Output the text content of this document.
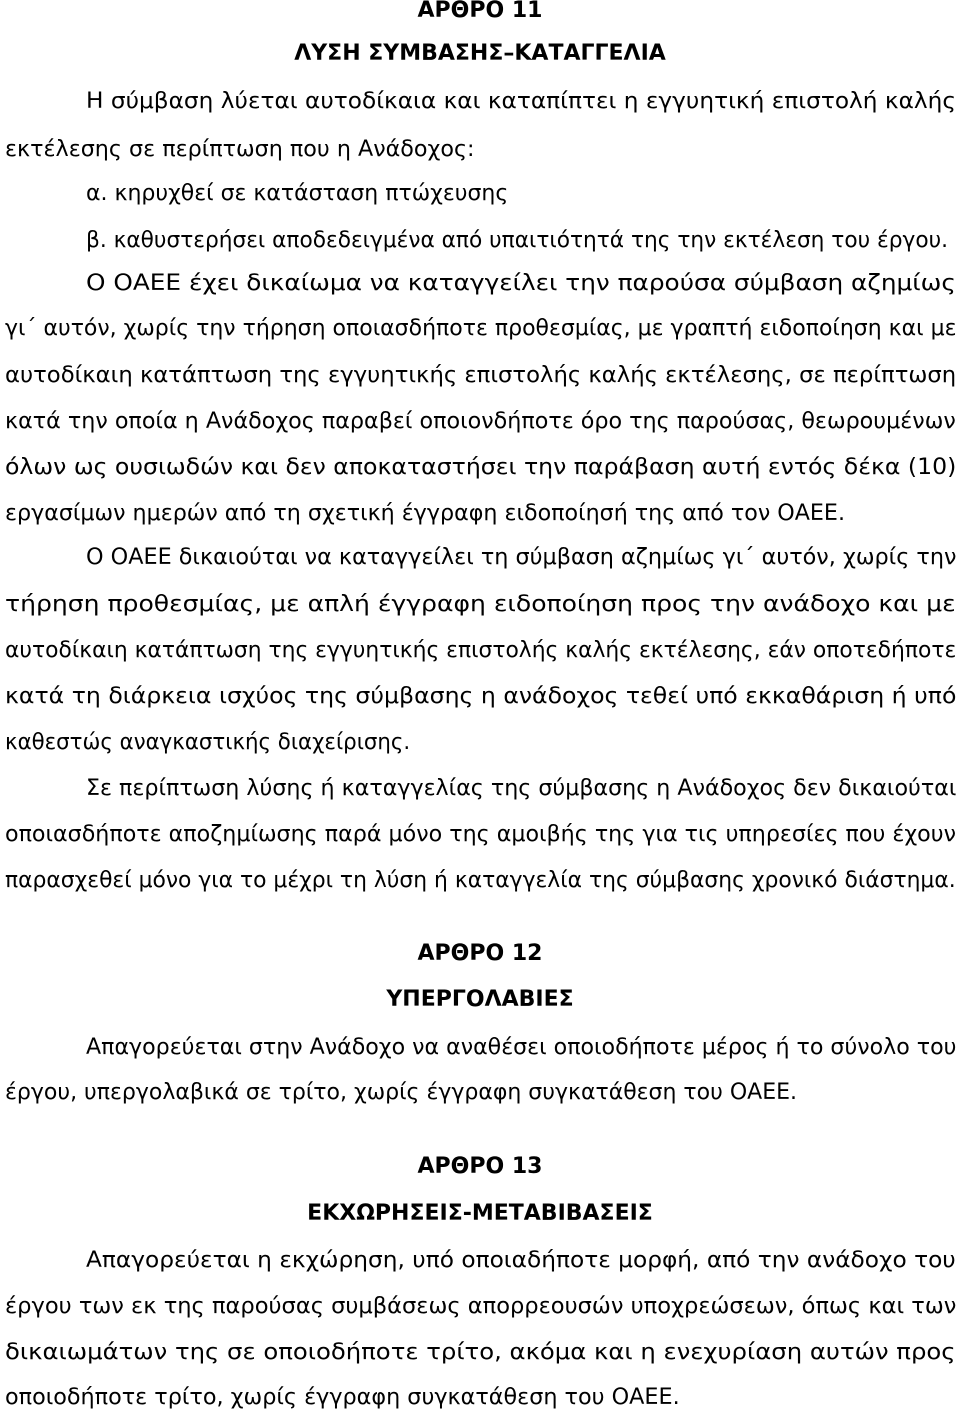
ΑΡΘΡΟ 11

ΛΥΣΗ ΣΥΜΒΑΣΗΣ–ΚΑΤΑΓΓΕΛΙΑ

Η σύμβαση λύεται αυτοδίκαια και καταπίπτει η εγγυητική επιστολή καλής

εκτέλεσης σε περίπτωση που η Ανάδοχος:

α. κηρυχθεί σε κατάσταση πτώχευσης

β. καθυστερήσει αποδεδειγμένα από υπαιτιότητά της την εκτέλεση του έργου.

Ο ΟΑΕΕ έχει δικαίωμα να καταγγείλει την παρούσα σύμβαση αζημίως

γι΄ αυτόν, χωρίς την τήρηση οποιασδήποτε προθεσμίας, με γραπτή ειδοποίηση και με

αυτοδίκαιη κατάπτωση της εγγυητικής επιστολής καλής εκτέλεσης, σε περίπτωση

κατά την οποία η Ανάδοχος παραβεί οποιονδήποτε όρο της παρούσας, θεωρουμένων

όλων ως ουσιωδών και δεν αποκαταστήσει την παράβαση αυτή εντός δέκα (10)

εργασίμων ημερών από τη σχετική έγγραφη ειδοποίησή της από τον ΟΑΕΕ.

Ο ΟΑΕΕ δικαιούται να καταγγείλει τη σύμβαση αζημίως γι΄ αυτόν, χωρίς την

τήρηση προθεσμίας, με απλή έγγραφη ειδοποίηση προς την ανάδοχο και με

αυτοδίκαιη κατάπτωση της εγγυητικής επιστολής καλής εκτέλεσης, εάν οποτεδήποτε

κατά τη διάρκεια ισχύος της σύμβασης η ανάδοχος τεθεί υπό εκκαθάριση ή υπό

καθεστώς αναγκαστικής διαχείρισης.

Σε περίπτωση λύσης ή καταγγελίας της σύμβασης η Ανάδοχος δεν δικαιούται

οποιασδήποτε αποζημίωσης παρά μόνο της αμοιβής της για τις υπηρεσίες που έχουν

παρασχεθεί μόνο για το μέχρι τη λύση ή καταγγελία της σύμβασης χρονικό διάστημα.

ΑΡΘΡΟ 12

ΥΠΕΡΓΟΛΑΒΙΕΣ

Απαγορεύεται στην Ανάδοχο να αναθέσει οποιοδήποτε μέρος ή το σύνολο του

έργου, υπεργολαβικά σε τρίτο, χωρίς έγγραφη συγκατάθεση του ΟΑΕΕ.

ΑΡΘΡΟ 13

ΕΚΧΩΡΗΣΕΙΣ-ΜΕΤΑΒΙΒΑΣΕΙΣ

Απαγορεύεται η εκχώρηση, υπό οποιαδήποτε μορφή, από την ανάδοχο του

έργου των εκ της παρούσας συμβάσεως απορρεουσών υποχρεώσεων, όπως και των

δικαιωμάτων της σε οποιοδήποτε τρίτο, ακόμα και η ενεχυρίαση αυτών προς

οποιοδήποτε τρίτο, χωρίς έγγραφη συγκατάθεση του ΟΑΕΕ.
